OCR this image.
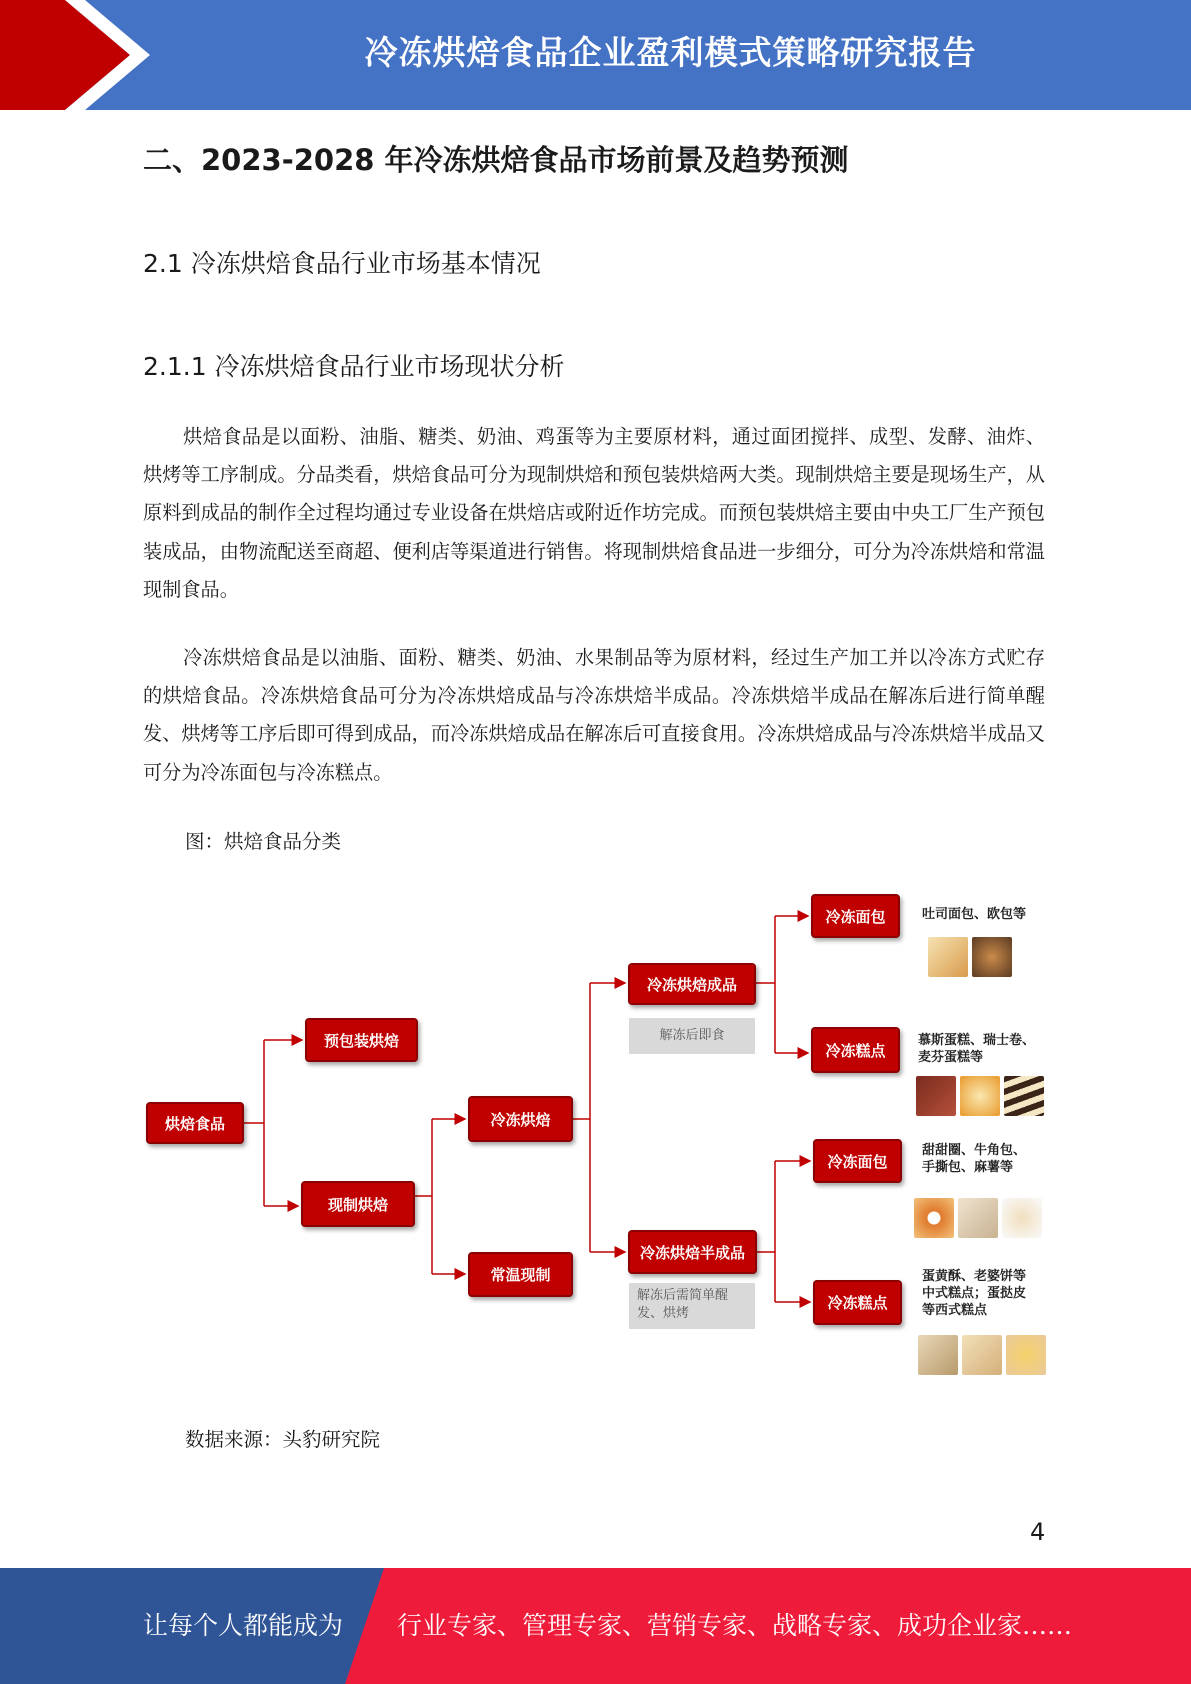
冷冻烘焙食品企业盈利模式策略研究报告
二、2023-2028 年冷冻烘焙食品市场前景及趋势预测
2.1 冷冻烘焙食品行业市场基本情况
2.1.1 冷冻烘焙食品行业市场现状分析

烘焙食品是以面粉、油脂、糖类、奶油、鸡蛋等为主要原材料，通过面团搅拌、成型、发酵、油炸、烘烤等工序制成。分品类看，烘焙食品可分为现制烘焙和预包装烘焙两大类。现制烘焙主要是现场生产，从原料到成品的制作全过程均通过专业设备在烘焙店或附近作坊完成。而预包装烘焙主要由中央工厂生产预包装成品，由物流配送至商超、便利店等渠道进行销售。将现制烘焙食品进一步细分，可分为冷冻烘焙和常温现制食品。

冷冻烘焙食品是以油脂、面粉、糖类、奶油、水果制品等为原材料，经过生产加工并以冷冻方式贮存的烘焙食品。冷冻烘焙食品可分为冷冻烘焙成品与冷冻烘焙半成品。冷冻烘焙半成品在解冻后进行简单醒发、烘烤等工序后即可得到成品，而冷冻烘焙成品在解冻后可直接食用。冷冻烘焙成品与冷冻烘焙半成品又可分为冷冻面包与冷冻糕点。

图：烘焙食品分类
烘焙食品
预包装烘焙
现制烘焙
冷冻烘焙
常温现制
冷冻烘焙成品
冷冻烘焙半成品
冷冻面包
冷冻糕点
冷冻面包
冷冻糕点
解冻后即食
解冻后需简单醒发、烘烤
吐司面包、欧包等
慕斯蛋糕、瑞士卷、
麦芬蛋糕等
甜甜圈、牛角包、
手撕包、麻薯等
蛋黄酥、老婆饼等
中式糕点；蛋挞皮
等西式糕点
数据来源：头豹研究院
4
让每个人都能成为 行业专家、管理专家、营销专家、战略专家、成功企业家……
